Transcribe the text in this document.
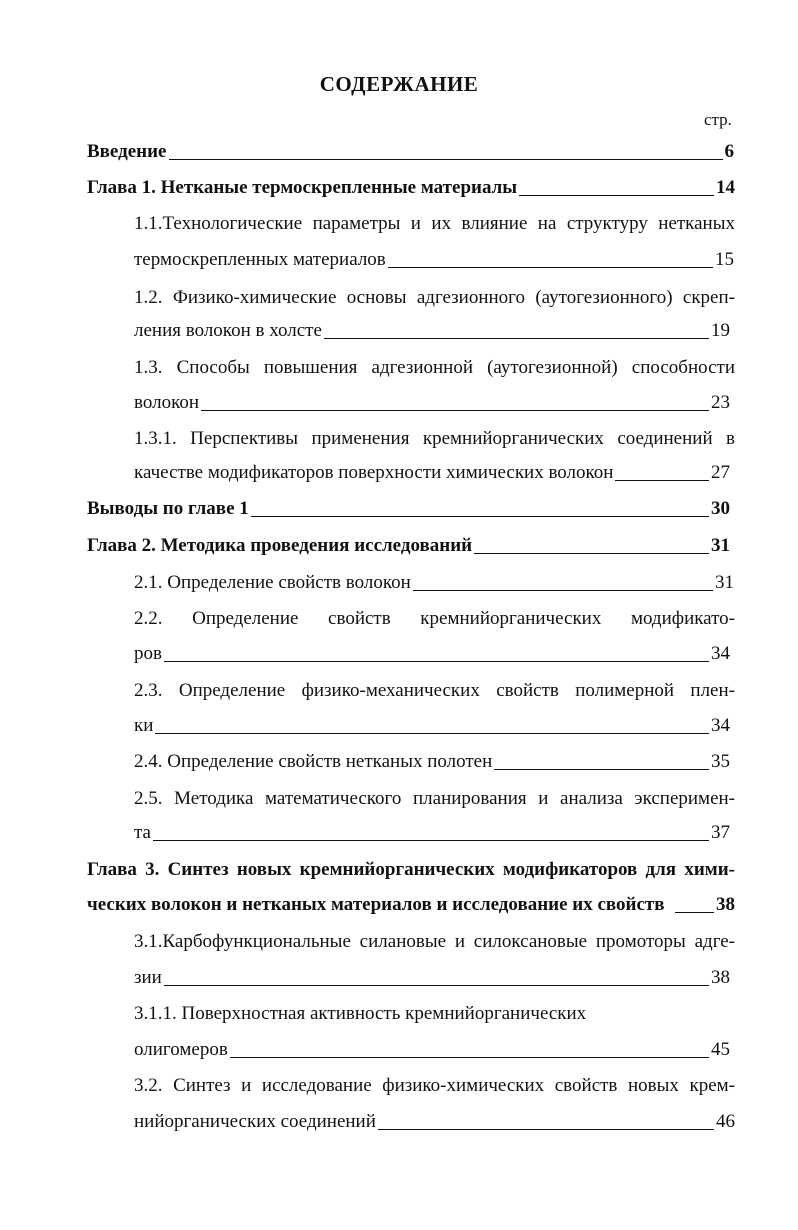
СОДЕРЖАНИЕ
стр.
Введение	6
Глава 1. Нетканые термоскрепленные материалы	14
1.1.Технологические параметры и их влияние на структуру нетканых
термоскрепленных материалов	15
1.2. Физико-химические основы адгезионного (аутогезионного) скреп-
ления волокон в холсте	19
1.3. Способы повышения адгезионной (аутогезионной) способности
волокон	23
1.3.1. Перспективы применения кремнийорганических соединений в
качестве модификаторов поверхности химических волокон	27
Выводы по главе 1	30
Глава 2. Методика проведения исследований	31
2.1. Определение свойств волокон	31
2.2. Определение свойств кремнийорганических модификато-
ров	34
2.3. Определение физико-механических свойств полимерной плен-
ки	34
2.4. Определение свойств нетканых полотен	35
2.5. Методика математического планирования и анализа эксперимен-
та	37
Глава 3. Синтез новых кремнийорганических модификаторов для хими-
ческих волокон и нетканых материалов и исследование их свойств	38
3.1.Карбофункциональные силановые и силоксановые промоторы адге-
зии	38
3.1.1. Поверхностная активность кремнийорганических
олигомеров	45
3.2. Синтез и исследование физико-химических свойств новых крем-
нийорганических соединений	46
